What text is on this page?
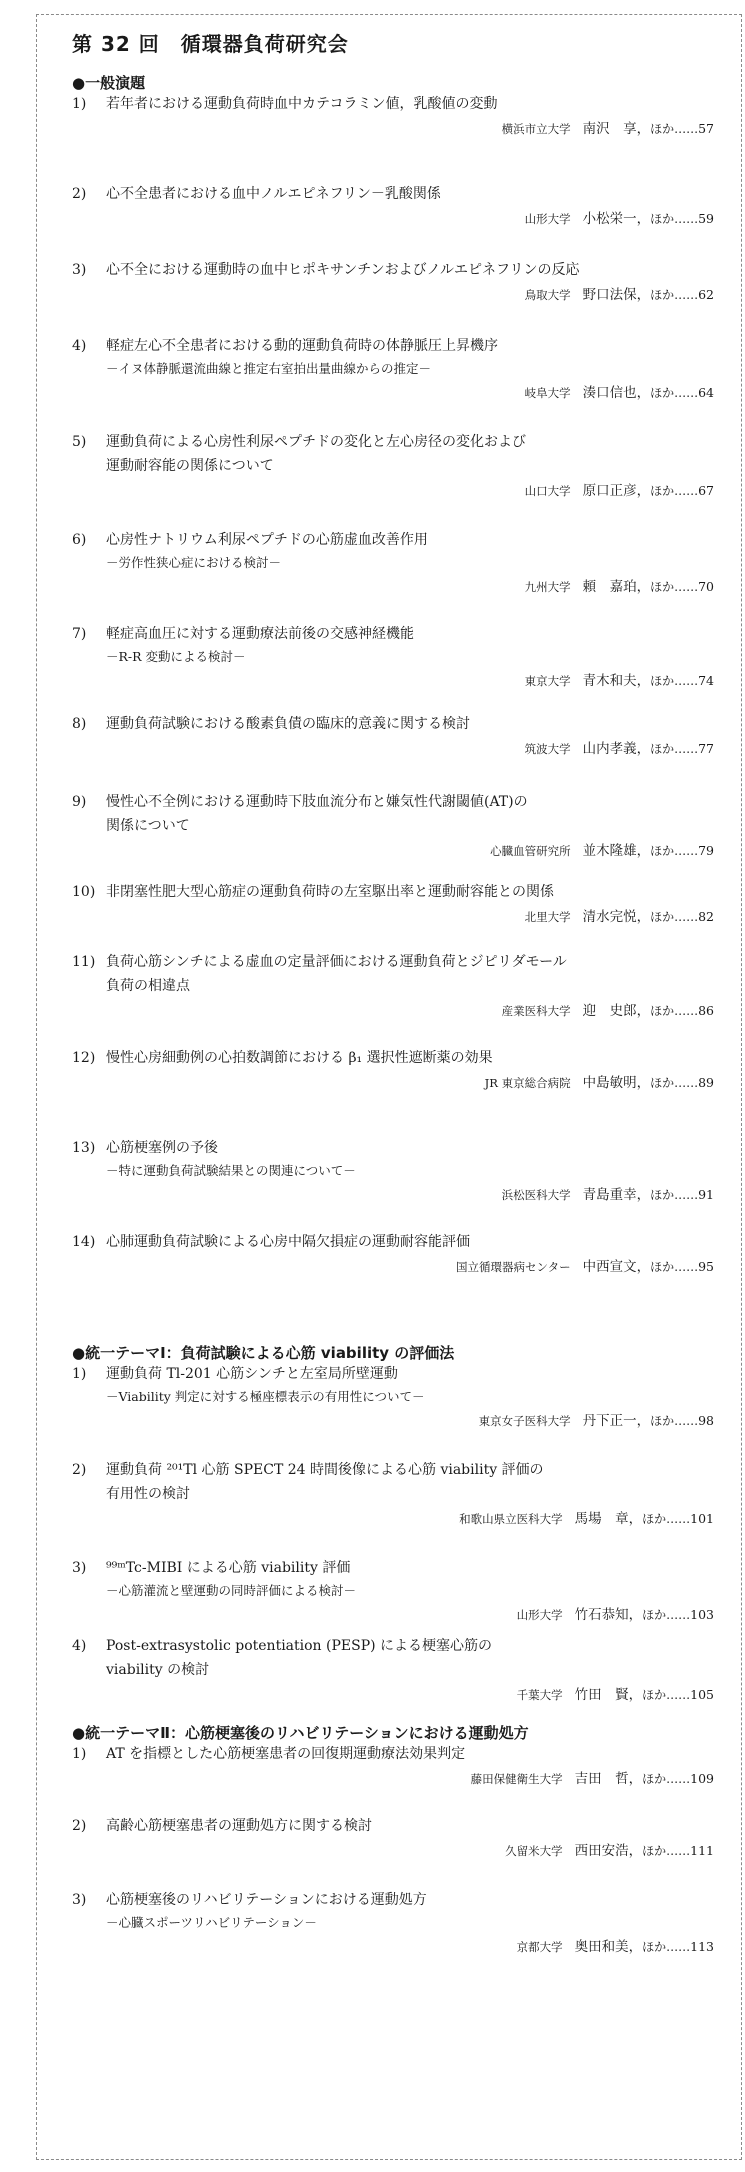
第 32 回　循環器負荷研究会
●一般演題
1) 若年者における運動負荷時血中カテコラミン値，乳酸値の変動
横浜市立大学 南沢　享，ほか……57
2) 心不全患者における血中ノルエピネフリン－乳酸関係
山形大学 小松栄一，ほか……59
3) 心不全における運動時の血中ヒポキサンチンおよびノルエピネフリンの反応
鳥取大学 野口法保，ほか……62
4) 軽症左心不全患者における動的運動負荷時の体静脈圧上昇機序
－イヌ体静脈還流曲線と推定右室拍出量曲線からの推定－
岐阜大学 湊口信也，ほか……64
5) 運動負荷による心房性利尿ペプチドの変化と左心房径の変化および
運動耐容能の関係について
山口大学 原口正彦，ほか……67
6) 心房性ナトリウム利尿ペプチドの心筋虚血改善作用
－労作性狭心症における検討－
九州大学 頼　嘉珀，ほか……70
7) 軽症高血圧に対する運動療法前後の交感神経機能
－R-R 変動による検討－
東京大学 青木和夫，ほか……74
8) 運動負荷試験における酸素負債の臨床的意義に関する検討
筑波大学 山内孝義，ほか……77
9) 慢性心不全例における運動時下肢血流分布と嫌気性代謝閾値(AT)の
関係について
心臓血管研究所 並木隆雄，ほか……79
10) 非閉塞性肥大型心筋症の運動負荷時の左室駆出率と運動耐容能との関係
北里大学 清水完悦，ほか……82
11) 負荷心筋シンチによる虚血の定量評価における運動負荷とジピリダモール
負荷の相違点
産業医科大学 迎　史郎，ほか……86
12) 慢性心房細動例の心拍数調節における β₁ 選択性遮断薬の効果
JR 東京総合病院 中島敏明，ほか……89
13) 心筋梗塞例の予後
－特に運動負荷試験結果との関連について－
浜松医科大学 青島重幸，ほか……91
14) 心肺運動負荷試験による心房中隔欠損症の運動耐容能評価
国立循環器病センター 中西宣文，ほか……95
●統一テーマⅠ：負荷試験による心筋 viability の評価法
1) 運動負荷 Tl-201 心筋シンチと左室局所壁運動
－Viability 判定に対する極座標表示の有用性について－
東京女子医科大学 丹下正一，ほか……98
2) 運動負荷 ²⁰¹Tl 心筋 SPECT 24 時間後像による心筋 viability 評価の
有用性の検討
和歌山県立医科大学 馬場　章，ほか……101
3) ⁹⁹ᵐTc-MIBI による心筋 viability 評価
－心筋灌流と壁運動の同時評価による検討－
山形大学 竹石恭知，ほか……103
4) Post-extrasystolic potentiation (PESP) による梗塞心筋の
viability の検討
千葉大学 竹田　賢，ほか……105
●統一テーマⅡ：心筋梗塞後のリハビリテーションにおける運動処方
1) AT を指標とした心筋梗塞患者の回復期運動療法効果判定
藤田保健衛生大学 吉田　哲，ほか……109
2) 高齢心筋梗塞患者の運動処方に関する検討
久留米大学 西田安浩，ほか……111
3) 心筋梗塞後のリハビリテーションにおける運動処方
－心臓スポーツリハビリテーション－
京都大学 奥田和美，ほか……113
